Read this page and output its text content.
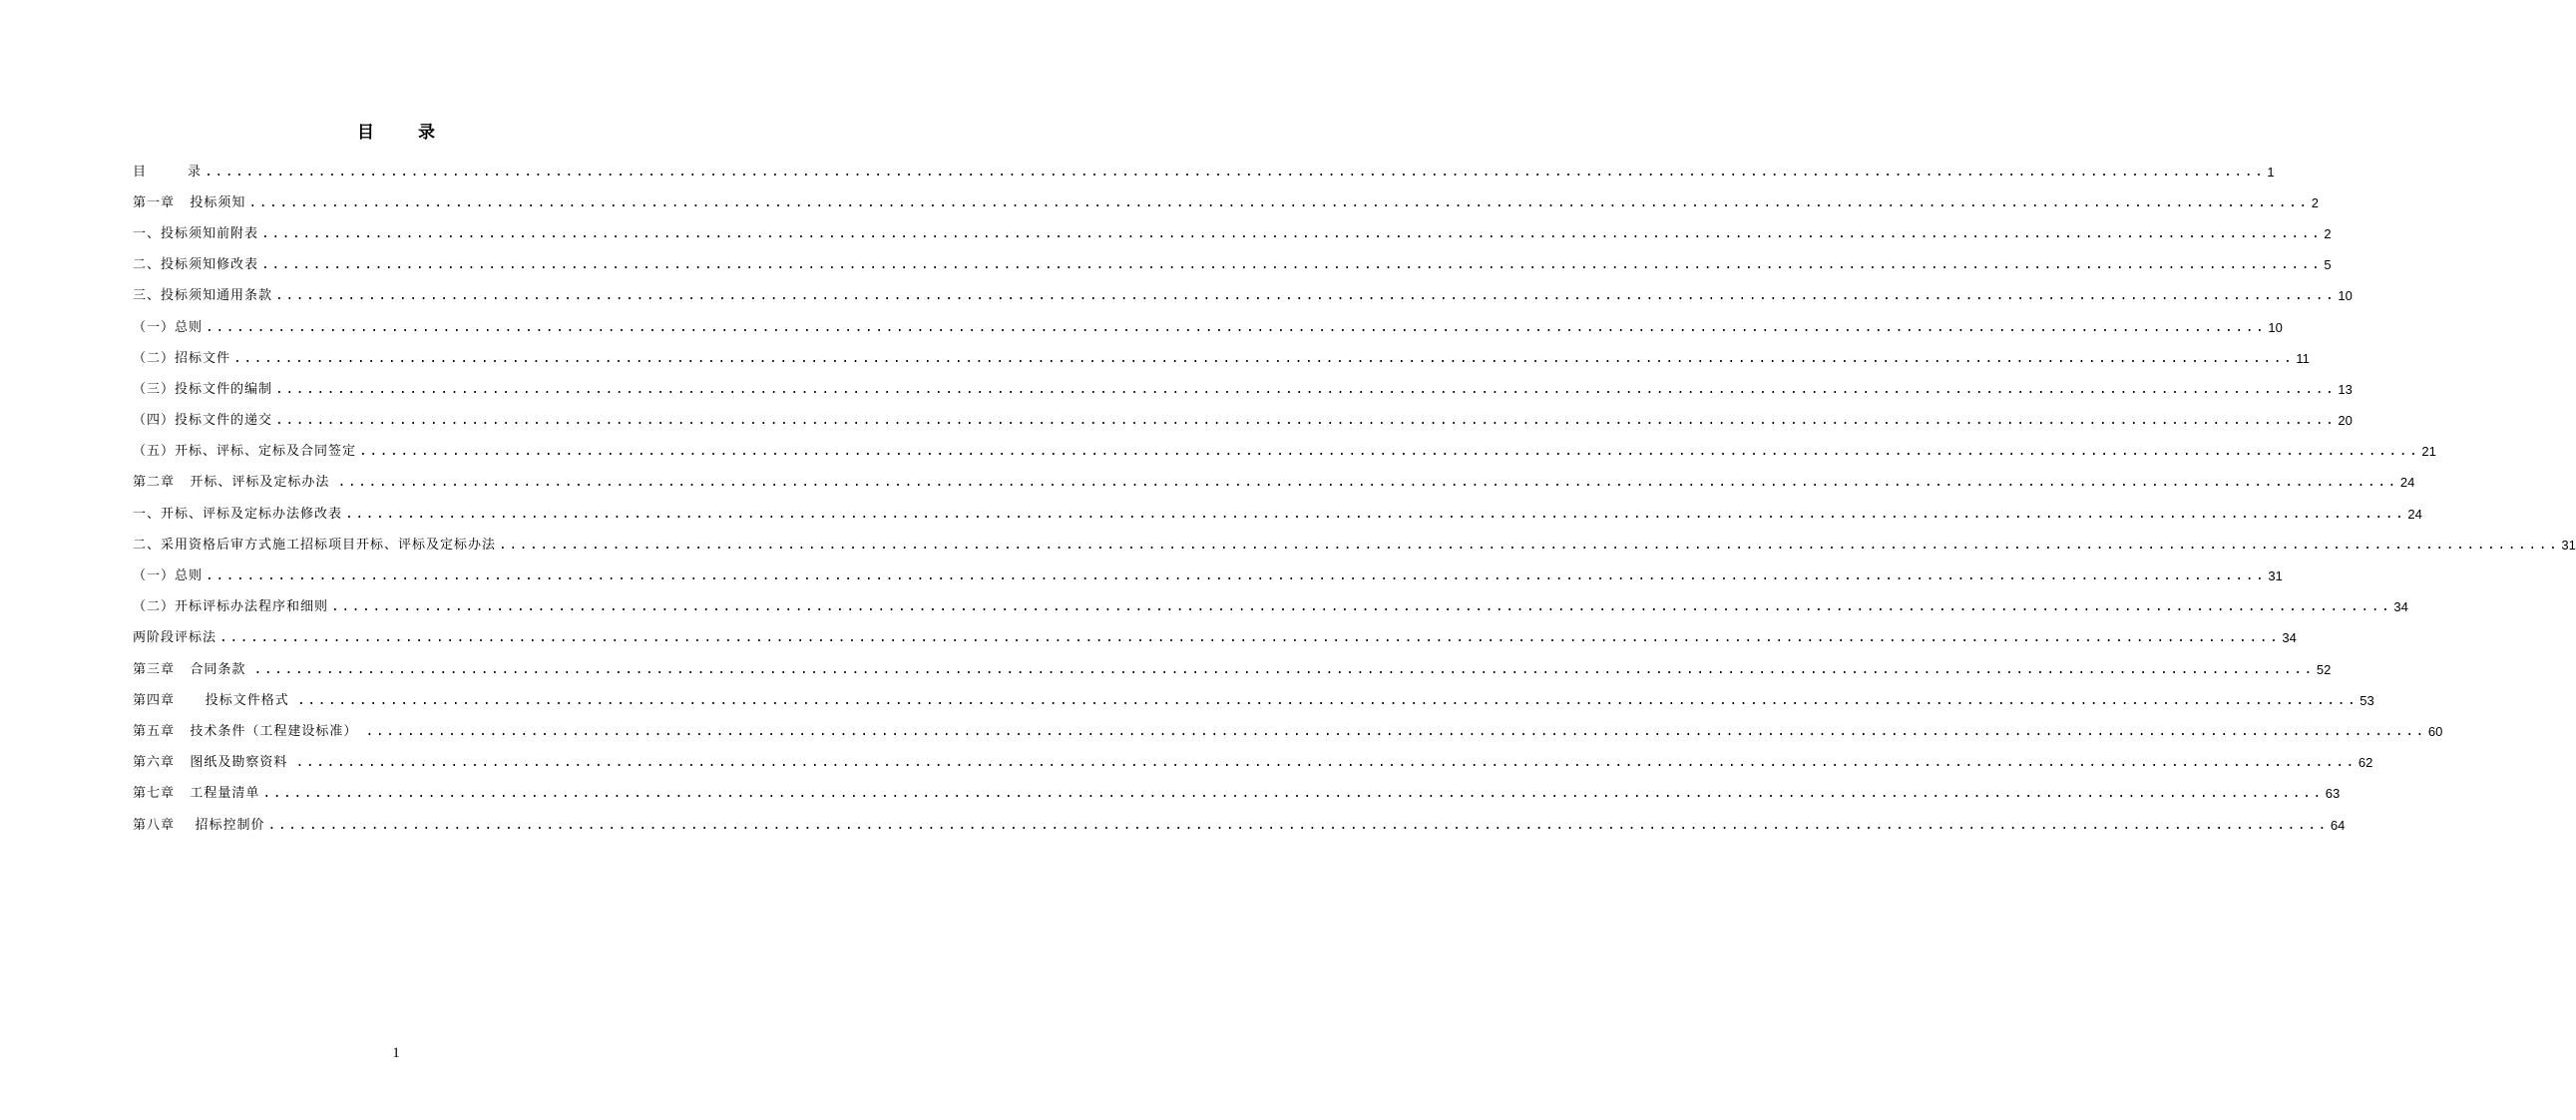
目录
目        录 ........................................................................................................................................................................................................ 1
第一章   投标须知 ........................................................................................................................................................................................................ 2
一、投标须知前附表 ........................................................................................................................................................................................................ 2
二、投标须知修改表 ........................................................................................................................................................................................................ 5
三、投标须知通用条款 ........................................................................................................................................................................................................ 10
（一）总则 ........................................................................................................................................................................................................ 10
（二）招标文件 ........................................................................................................................................................................................................ 11
（三）投标文件的编制 ........................................................................................................................................................................................................ 13
（四）投标文件的递交 ........................................................................................................................................................................................................ 20
（五）开标、评标、定标及合同签定 ........................................................................................................................................................................................................ 21
第二章   开标、评标及定标办法 ........................................................................................................................................................................................................ 24
一、开标、评标及定标办法修改表 ........................................................................................................................................................................................................ 24
二、采用资格后审方式施工招标项目开标、评标及定标办法 ........................................................................................................................................................................................................ 31
（一）总则 ........................................................................................................................................................................................................ 31
（二）开标评标办法程序和细则 ........................................................................................................................................................................................................ 34
两阶段评标法 ........................................................................................................................................................................................................ 34
第三章   合同条款 ........................................................................................................................................................................................................ 52
第四章      投标文件格式 ........................................................................................................................................................................................................ 53
第五章   技术条件（工程建设标准） ........................................................................................................................................................................................................ 60
第六章   图纸及勘察资料 ........................................................................................................................................................................................................ 62
第七章   工程量清单 ........................................................................................................................................................................................................ 63
第八章    招标控制价 ........................................................................................................................................................................................................ 64
1
